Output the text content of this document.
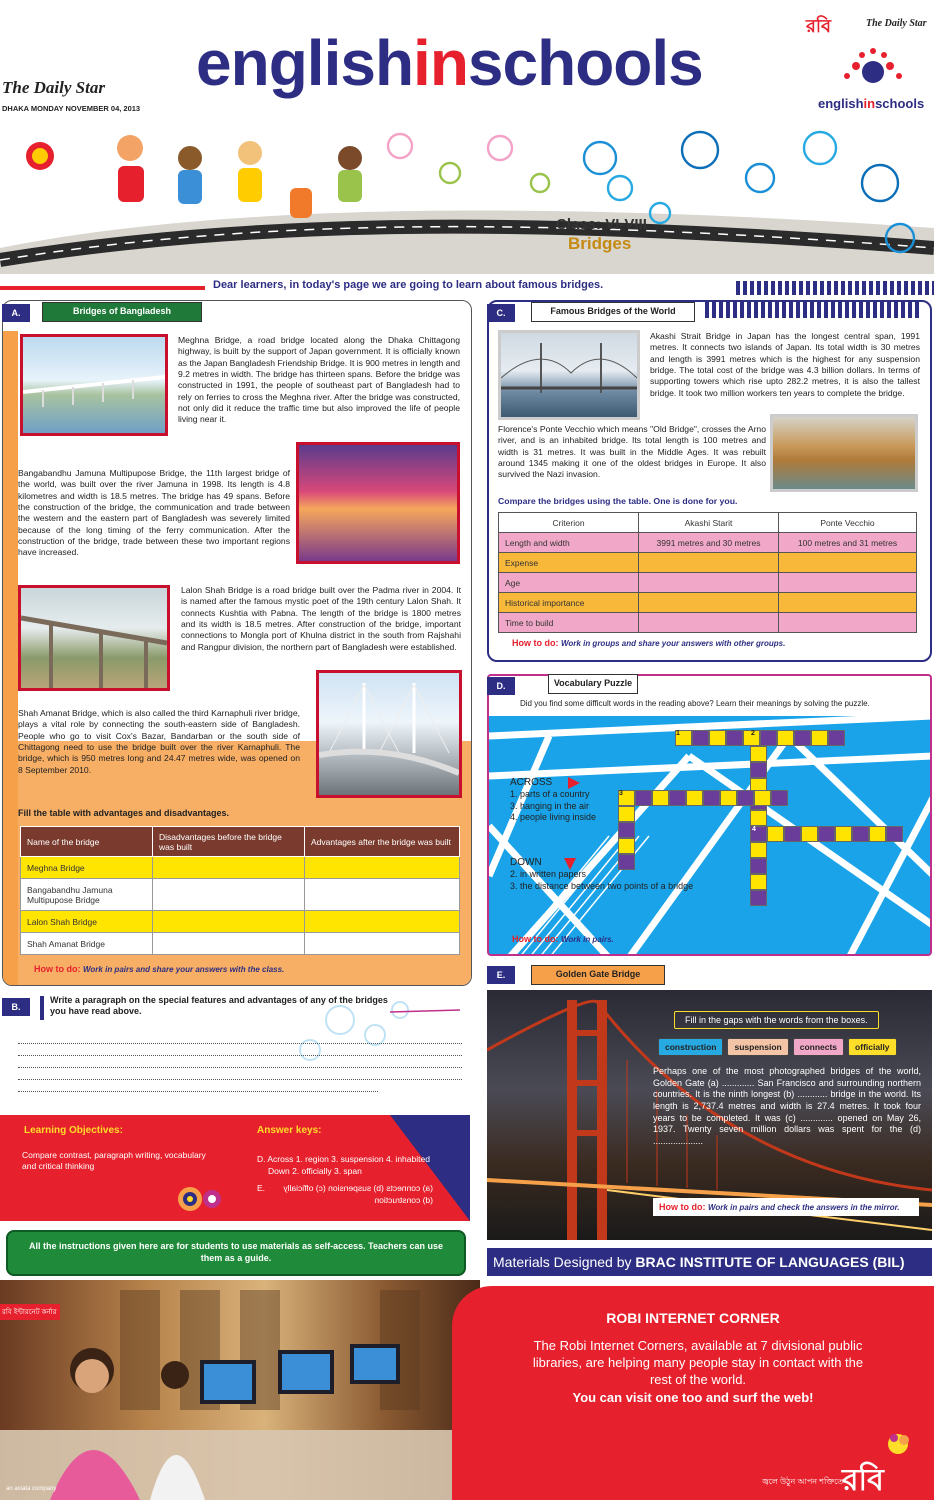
The Daily Star
DHAKA MONDAY NOVEMBER 04, 2013
englishinschools
রবি	The Daily Star
englishinschools
Class: VI-VIII
Bridges
Dear learners, in today's page we are going to learn about famous bridges.
A.	Bridges of Bangladesh
Meghna Bridge, a road bridge located along the Dhaka Chittagong highway, is built by the support of Japan government. It is officially known as the Japan Bangladesh Friendship Bridge. It is 900 metres in length and 9.2 metres in width. The bridge has thirteen spans. Before the bridge was constructed in 1991, the people of southeast part of Bangladesh had to rely on ferries to cross the Meghna river. After the bridge was constructed, not only did it reduce the traffic time but also improved the life of people living near it.
Bangabandhu Jamuna Multipupose Bridge, the 11th largest bridge of the world, was built over the river Jamuna in 1998. Its length is 4.8 kilometres and width is 18.5 metres. The bridge has 49 spans. Before the construction of the bridge, the communication and trade between the western and the eastern part of Bangladesh was severely limited because of the long timing of the ferry communication. After the construction of the bridge, trade between these two important regions have increased.
Lalon Shah Bridge is a road bridge built over the Padma river in 2004. It is named after the famous mystic poet of the 19th century Lalon Shah. It connects Kushtia with Pabna. The length of the bridge is 1800 metres and its width is 18.5 metres. After construction of the bridge, important connections to Mongla port of Khulna district in the south from Rajshahi and Rangpur division, the northern part of Bangladesh were established.
Shah Amanat Bridge, which is also called the third Karnaphuli river bridge, plays a vital role by connecting the south-eastern side of Bangladesh. People who go to visit Cox's Bazar, Bandarban or the south side of Chittagong need to use the bridge built over the river Karnaphuli. The bridge, which is 950 metres long and 24.47 metres wide, was opened on 8 September 2010.
Fill the table with advantages and disadvantages.
Name of the bridge	Disadvantages before the bridge was built	Advantages after the bridge was built
Meghna Bridge		
Bangabandhu Jamuna Multipupose Bridge		
Lalon Shah Bridge		
Shah Amanat Bridge		
How to do: Work in pairs and share your answers with the class.
B.
Write a paragraph on the special features and advantages of any of the bridges you have read above.
Learning Objectives:
Compare contrast, paragraph writing, vocabulary and critical thinking
Answer keys:
D. Across 1. region 3. suspension 4. inhabited
Down 2. officially 3. span
E.	(a) connects (b) suspension (c) officially
(d) construction
All the instructions given here are for students to use materials as self-access. Teachers can use them as a guide.
C.	Famous Bridges of the World
Akashi Strait Bridge in Japan has the longest central span, 1991 metres. It connects two islands of Japan. Its total width is 30 metres and length is 3991 metres which is the highest for any suspension bridge. The total cost of the bridge was 4.3 billion dollars. In terms of supporting towers which rise upto 282.2 metres, it is also the tallest bridge. It took two million workers ten years to complete the bridge.
Florence's Ponte Vecchio which means "Old Bridge", crosses the Arno river, and is an inhabited bridge. Its total length is 100 metres and width is 31 metres. It was built in the Middle Ages. It was rebuilt around 1345 making it one of the oldest bridges in Europe. It also survived the Nazi invasion.
Compare the bridges using the table. One is done for you.
Criterion	Akashi Starit	Ponte Vecchio
Length and width	3991 metres and 30 metres	100 metres and 31 metres
Expense		
Age		
Historical importance		
Time to build		
How to do: Work in groups and share your answers with other groups.
D.	Vocabulary Puzzle
Did you find some difficult words in the reading above? Learn their meanings by solving the puzzle.
1	2
3
4
ACROSS
1. parts of a country
3. hanging in the air
4. people living inside
DOWN
2. in written papers
3. the distance between two points of a bridge
How to do: Work in pairs.
E.	Golden Gate Bridge
Fill in the gaps with the words from the boxes.
construction suspension connects officially
Perhaps one of the most photographed bridges of the world, Golden Gate (a) ............. San Francisco and surrounding northern countries. It is the ninth longest (b) ............ bridge in the world. Its length is 2,737.4 metres and width is 27.4 metres. It took four years to be completed. It was (c) ............. opened on May 26, 1937. Twenty seven million dollars was spent for the (d) ....................
How to do: Work in pairs and check the answers in the mirror.
Materials Designed by BRAC INSTITUTE OF LANGUAGES (BIL)
রবি ইন্টারনেট কর্নার
an axiata company
ROBI INTERNET CORNER
The Robi Internet Corners, available at 7 divisional public libraries, are helping many people stay in contact with the rest of the world.
You can visit one too and surf the web!
জ্বলে উঠুন আপন শক্তিতে
রবি
